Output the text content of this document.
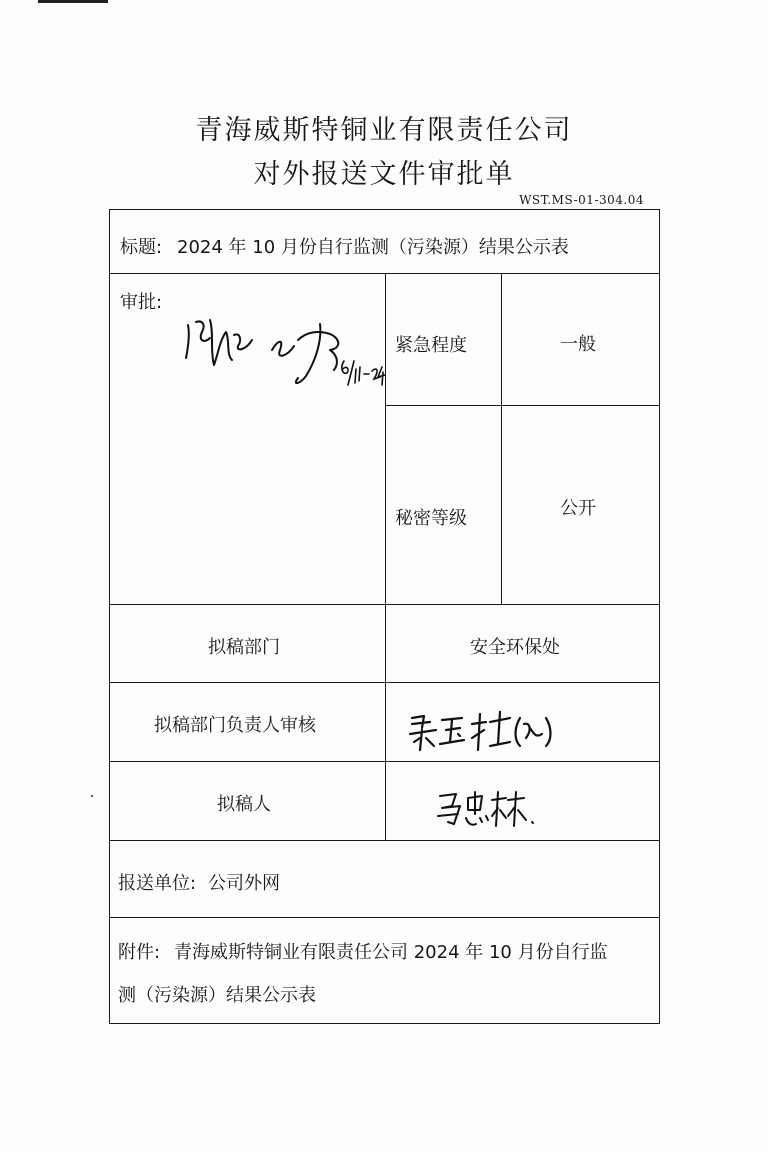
青海威斯特铜业有限责任公司
对外报送文件审批单
WST.MS-01-304.04
标题: 2024 年 10 月份自行监测（污染源）结果公示表
审批:
紧急程度	一般
秘密等级	公开
拟稿部门	安全环保处
拟稿部门负责人审核
拟稿人
报送单位: 公司外网
附件: 青海威斯特铜业有限责任公司 2024 年 10 月份自行监
测（污染源）结果公示表
